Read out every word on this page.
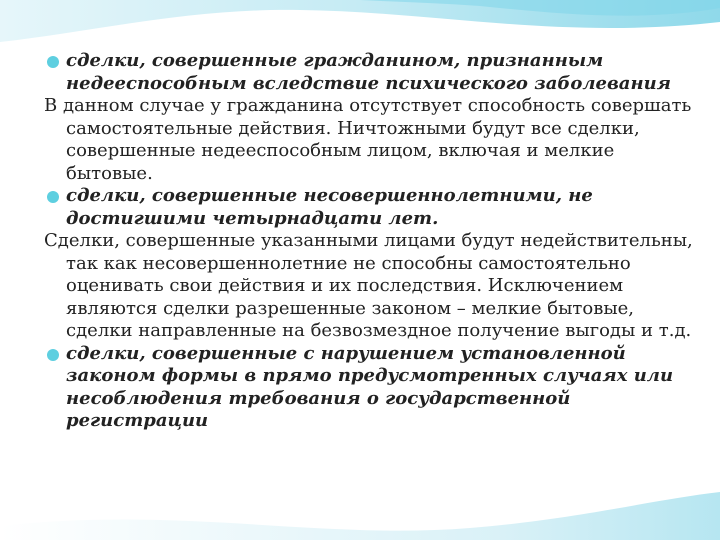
сделки, совершенные гражданином, признанным недееспособным вследствие психического заболевания
В данном случае у гражданина отсутствует способность совершать самостоятельные действия. Ничтожными будут все сделки, совершенные недееспособным лицом, включая и мелкие бытовые.
сделки, совершенные несовершеннолетними, не достигшими четырнадцати лет.
Сделки, совершенные указанными лицами будут недействительны, так как несовершеннолетние не способны самостоятельно оценивать свои действия и их последствия. Исключением являются сделки разрешенные законом – мелкие бытовые, сделки направленные на безвозмездное получение выгоды и т.д.
сделки, совершенные с нарушением установленной законом формы в прямо предусмотренных случаях или несоблюдения требования о государственной регистрации
